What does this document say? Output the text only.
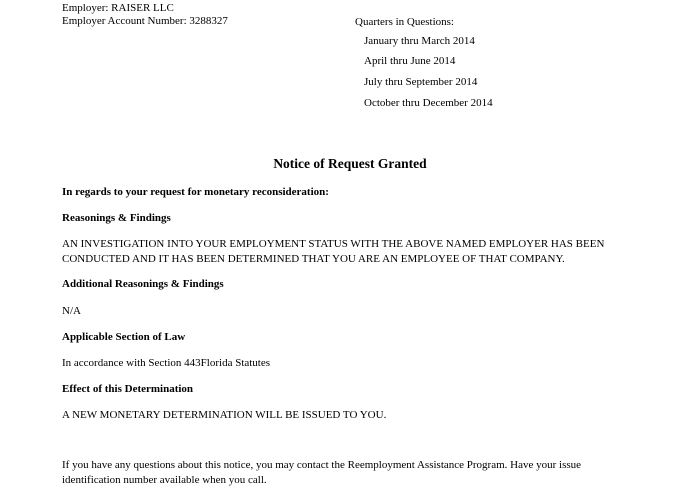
Employer: RAISER LLC
Employer Account Number: 3288327	Quarters in Questions:
January thru March 2014
April thru June 2014
July thru September 2014
October thru December 2014
Notice of Request Granted
In regards to your request for monetary reconsideration:
Reasonings & Findings
AN INVESTIGATION INTO YOUR EMPLOYMENT STATUS WITH THE ABOVE NAMED EMPLOYER HAS BEEN CONDUCTED AND IT HAS BEEN DETERMINED THAT YOU ARE AN EMPLOYEE OF THAT COMPANY.
Additional Reasonings & Findings
N/A
Applicable Section of Law
In accordance with Section 443Florida Statutes
Effect of this Determination
A NEW MONETARY DETERMINATION WILL BE ISSUED TO YOU.
If you have any questions about this notice, you may contact the Reemployment Assistance Program. Have your issue identification number available when you call.
